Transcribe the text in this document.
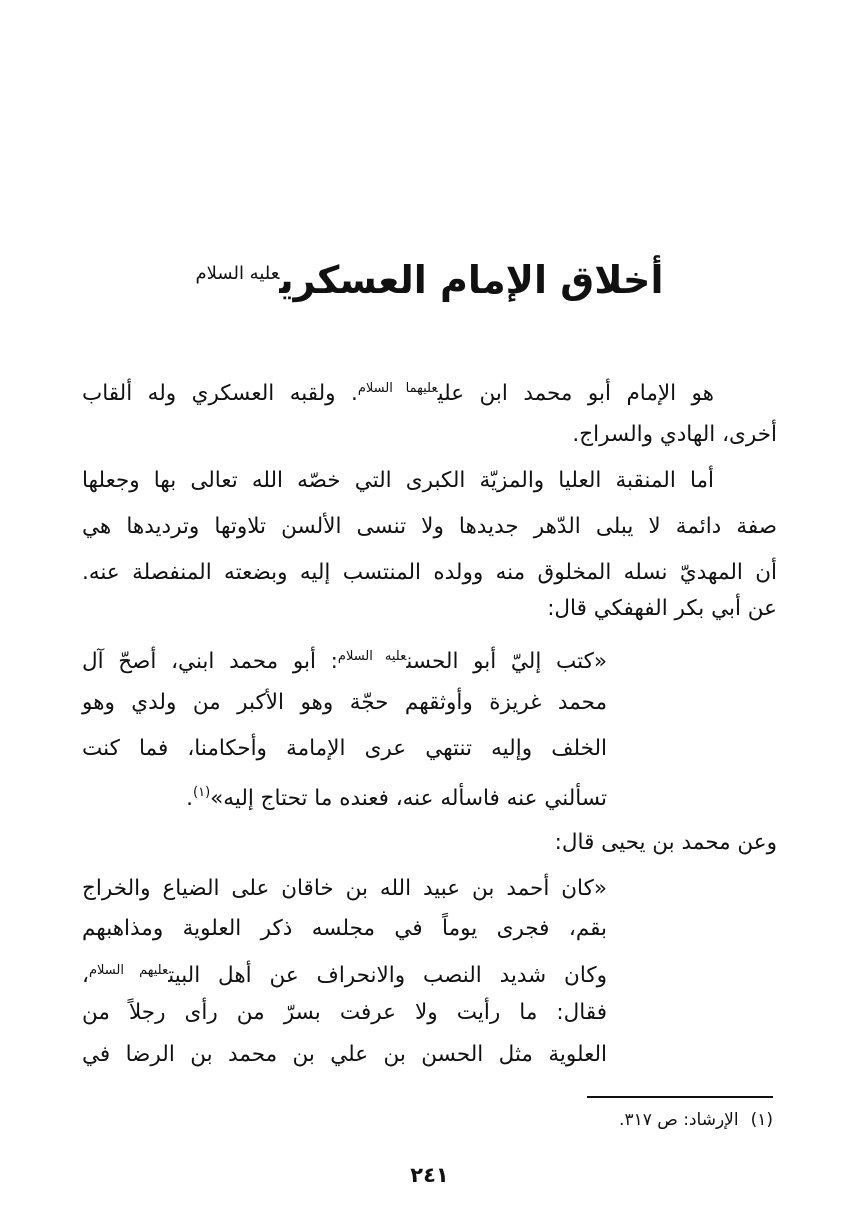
أخلاق الإمام العسكري$^{عليه السلام}$
هو الإمام أبو محمد ابن علي$^{عليهما السلام}$. ولقبه العسكري وله ألقاب
أخرى، الهادي والسراج.
أما المنقبة العليا والمزيّة الكبرى التي خصّه الله تعالى بها وجعلها
صفة دائمة لا يبلى الدّهر جديدها ولا تنسى الألسن تلاوتها وترديدها هي
أن المهديّ نسله المخلوق منه وولده المنتسب إليه وبضعته المنفصلة عنه.
عن أبي بكر الفهفكي قال:
«كتب إليّ أبو الحسن$^{عليه السلام}$: أبو محمد ابني، أصحّ آل
محمد غريزة وأوثقهم حجّة وهو الأكبر من ولدي وهو
الخلف وإليه تنتهي عرى الإمامة وأحكامنا، فما كنت
تسألني عنه فاسأله عنه، فعنده ما تحتاج إليه»$^{(١)}$.
وعن محمد بن يحيى قال:
«كان أحمد بن عبيد الله بن خاقان على الضياع والخراج
بقم، فجرى يوماً في مجلسه ذكر العلوية ومذاهبهم
وكان شديد النصب والانحراف عن أهل البيت$^{عليهم السلام}$،
فقال: ما رأيت ولا عرفت بسرّ من رأى رجلاً من
العلوية مثل الحسن بن علي بن محمد بن الرضا في
(١)الإرشاد: ص ٣١٧.
٢٤١
